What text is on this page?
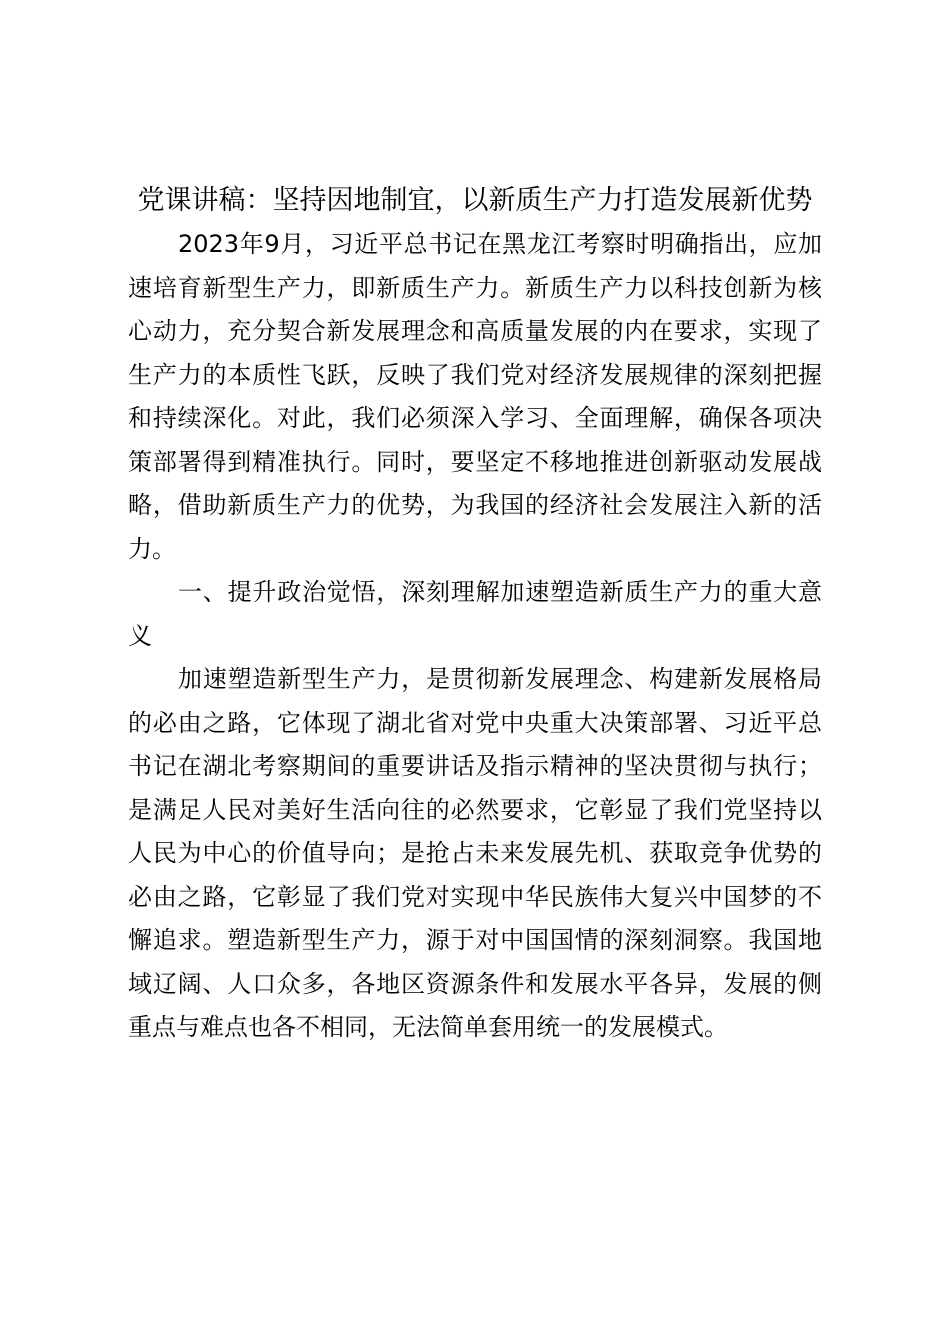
党课讲稿：坚持因地制宜，以新质生产力打造发展新优势

2023年9月，习近平总书记在黑龙江考察时明确指出，应加速培育新型生产力，即新质生产力。新质生产力以科技创新为核心动力，充分契合新发展理念和高质量发展的内在要求，实现了生产力的本质性飞跃，反映了我们党对经济发展规律的深刻把握和持续深化。对此，我们必须深入学习、全面理解，确保各项决策部署得到精准执行。同时，要坚定不移地推进创新驱动发展战略，借助新质生产力的优势，为我国的经济社会发展注入新的活力。

一、提升政治觉悟，深刻理解加速塑造新质生产力的重大意义

加速塑造新型生产力，是贯彻新发展理念、构建新发展格局的必由之路，它体现了湖北省对党中央重大决策部署、习近平总书记在湖北考察期间的重要讲话及指示精神的坚决贯彻与执行；是满足人民对美好生活向往的必然要求，它彰显了我们党坚持以人民为中心的价值导向；是抢占未来发展先机、获取竞争优势的必由之路，它彰显了我们党对实现中华民族伟大复兴中国梦的不懈追求。塑造新型生产力，源于对中国国情的深刻洞察。我国地域辽阔、人口众多，各地区资源条件和发展水平各异，发展的侧重点与难点也各不相同，无法简单套用统一的发展模式。
